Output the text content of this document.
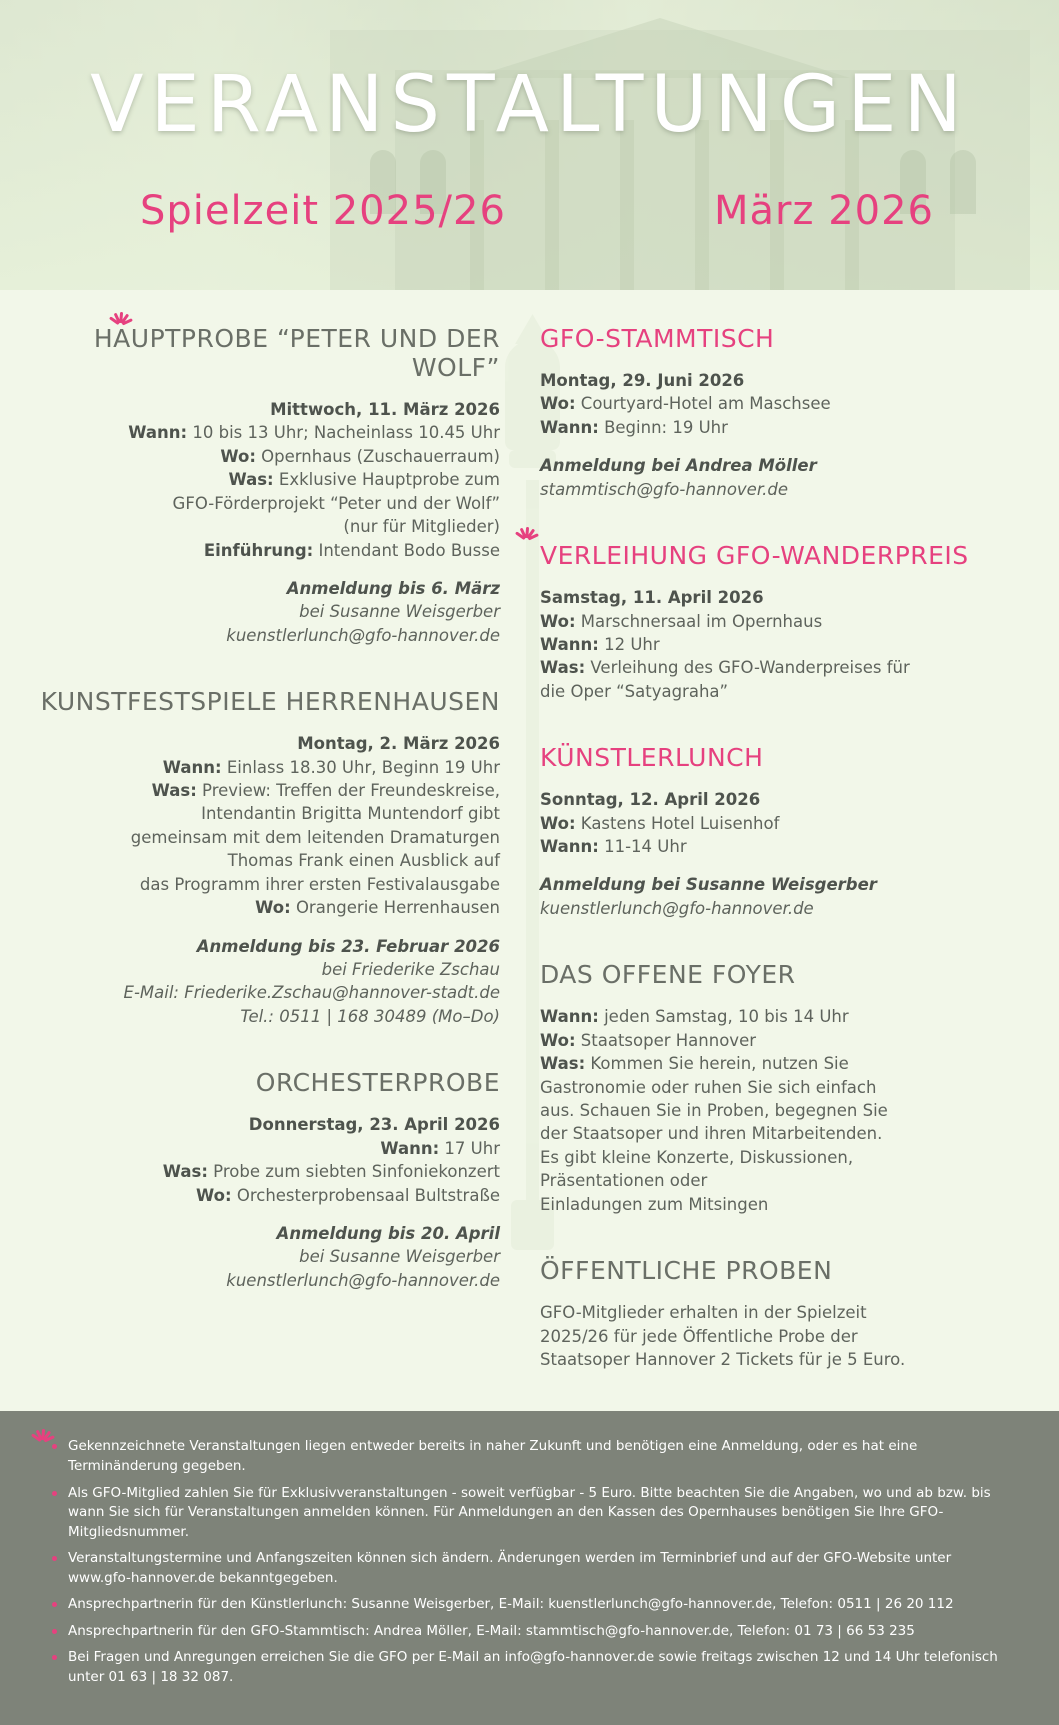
VERANSTALTUNGEN
Spielzeit 2025/26	März 2026
HAUPTPROBE “PETER UND DER WOLF”
Mittwoch, 11. März 2026
Wann: 10 bis 13 Uhr; Nacheinlass 10.45 Uhr
Wo: Opernhaus (Zuschauerraum)
Was: Exklusive Hauptprobe zum
GFO-Förderprojekt “Peter und der Wolf”
(nur für Mitglieder)
Einführung: Intendant Bodo Busse
Anmeldung bis 6. März
bei Susanne Weisgerber
kuenstlerlunch@gfo-hannover.de
KUNSTFESTSPIELE HERRENHAUSEN
Montag, 2. März 2026
Wann: Einlass 18.30 Uhr, Beginn 19 Uhr
Was: Preview: Treffen der Freundeskreise,
Intendantin Brigitta Muntendorf gibt
gemeinsam mit dem leitenden Dramaturgen
Thomas Frank einen Ausblick auf
das Programm ihrer ersten Festivalausgabe
Wo: Orangerie Herrenhausen
Anmeldung bis 23. Februar 2026
bei Friederike Zschau
E-Mail: Friederike.Zschau@hannover-stadt.de
Tel.: 0511 | 168 30489 (Mo–Do)
ORCHESTERPROBE
Donnerstag, 23. April 2026
Wann: 17 Uhr
Was: Probe zum siebten Sinfoniekonzert
Wo: Orchesterprobensaal Bultstraße
Anmeldung bis 20. April
bei Susanne Weisgerber
kuenstlerlunch@gfo-hannover.de
GFO-STAMMTISCH
Montag, 29. Juni 2026
Wo: Courtyard-Hotel am Maschsee
Wann: Beginn: 19 Uhr
Anmeldung bei Andrea Möller
stammtisch@gfo-hannover.de
VERLEIHUNG GFO-WANDERPREIS
Samstag, 11. April 2026
Wo: Marschnersaal im Opernhaus
Wann: 12 Uhr
Was: Verleihung des GFO-Wanderpreises für
die Oper “Satyagraha”
KÜNSTLERLUNCH
Sonntag, 12. April 2026
Wo: Kastens Hotel Luisenhof
Wann: 11-14 Uhr
Anmeldung bei Susanne Weisgerber
kuenstlerlunch@gfo-hannover.de
DAS OFFENE FOYER
Wann: jeden Samstag, 10 bis 14 Uhr
Wo: Staatsoper Hannover
Was: Kommen Sie herein, nutzen Sie
Gastronomie oder ruhen Sie sich einfach
aus. Schauen Sie in Proben, begegnen Sie
der Staatsoper und ihren Mitarbeitenden.
Es gibt kleine Konzerte, Diskussionen,
Präsentationen oder
Einladungen zum Mitsingen
ÖFFENTLICHE PROBEN
GFO-Mitglieder erhalten in der Spielzeit
2025/26 für jede Öffentliche Probe der
Staatsoper Hannover 2 Tickets für je 5 Euro.
Gekennzeichnete Veranstaltungen liegen entweder bereits in naher Zukunft und benötigen eine Anmeldung, oder es hat eine Terminänderung gegeben.
Als GFO-Mitglied zahlen Sie für Exklusivveranstaltungen - soweit verfügbar - 5 Euro. Bitte beachten Sie die Angaben, wo und ab bzw. bis wann Sie sich für Veranstaltungen anmelden können. Für Anmeldungen an den Kassen des Opernhauses benötigen Sie Ihre GFO-Mitgliedsnummer.
Veranstaltungstermine und Anfangszeiten können sich ändern. Änderungen werden im Terminbrief und auf der GFO-Website unter www.gfo-hannover.de bekanntgegeben.
Ansprechpartnerin für den Künstlerlunch: Susanne Weisgerber, E-Mail: kuenstlerlunch@gfo-hannover.de, Telefon: 0511 | 26 20 112
Ansprechpartnerin für den GFO-Stammtisch: Andrea Möller, E-Mail: stammtisch@gfo-hannover.de, Telefon: 01 73 | 66 53 235
Bei Fragen und Anregungen erreichen Sie die GFO per E-Mail an info@gfo-hannover.de sowie freitags zwischen 12 und 14 Uhr telefonisch unter 01 63 | 18 32 087.
